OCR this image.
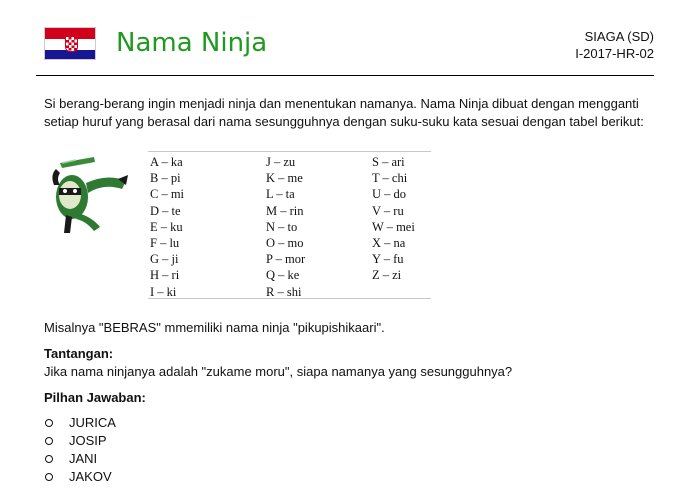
Nama Ninja	SIAGA (SD)
I-2017-HR-02

Si berang-berang ingin menjadi ninja dan menentukan namanya. Nama Ninja dibuat dengan mengganti setiap huruf yang berasal dari nama sesungguhnya dengan suku-suku kata sesuai dengan tabel berikut:

A – ka
B – pi
C – mi
D – te
E – ku
F – lu
G – ji
H – ri
I – ki
J – zu
K – me
L – ta
M – rin
N – to
O – mo
P – mor
Q – ke
R – shi
S – ari
T – chi
U – do
V – ru
W – mei
X – na
Y – fu
Z – zi

Misalnya "BEBRAS" mmemiliki nama ninja "pikupishikaari".

Tantangan:

Jika nama ninjanya adalah "zukame moru", siapa namanya yang sesungguhnya?

Pilhan Jawaban:

JURICA
JOSIP
JANI
JAKOV
